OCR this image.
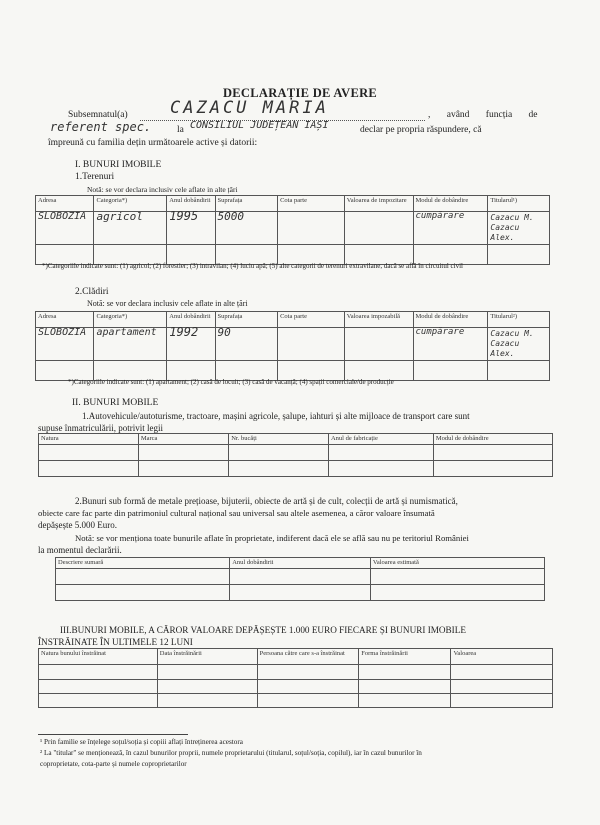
DECLARAȚIE DE AVERE
Subsemnatul(a) CAZACU MARIA	, având funcția de
referent spec.	la CONSILIUL JUDEȚEAN IAȘI	declar pe propria răspundere, că
împreună cu familia dețin următoarele active și datorii:
I. BUNURI IMOBILE
1.Terenuri
Notă: se vor declara inclusiv cele aflate in alte țări
Adresa	Categoria*)	Anul dobândirii	Suprafața	Cota parte	Valoarea de impozitare	Modul de dobândire	Titularul¹)
SLOBOZIA	agricol	1995	5000			cumpărare	Cazacu M.
Cazacu Alex.

*)Categoriile indicate sunt: (1) agricol; (2) forestier; (3) intravilan; (4) luciu apă; (5) alte categorii de terenuri extravilane, dacă se află în circuitul civil
2.Clădiri
Notă: se vor declara inclusiv cele aflate in alte țări
Adresa	Categoria*)	Anul dobândirii	Suprafața	Cota parte	Valoarea impozabilă	Modul de dobândire	Titularul²)
SLOBOZIA	apartament	1992	90			cumpărare	Cazacu M.
Cazacu Alex.

*)Categoriile indicate sunt: (1) apartament; (2) casă de locuit; (3) casă de vacanță; (4) spații comerciale/de producție
II. BUNURI MOBILE
1.Autovehicule/autoturisme, tractoare, mașini agricole, șalupe, iahturi și alte mijloace de transport care sunt
supuse înmatriculării, potrivit legii
Natura	Marca	Nr. bucăți	Anul de fabricație	Modul de dobândire

2.Bunuri sub formă de metale prețioase, bijuterii, obiecte de artă și de cult, colecții de artă și numismatică,
obiecte care fac parte din patrimoniul cultural național sau universal sau altele asemenea, a căror valoare însumată
depășește 5.000 Euro.
Notă: se vor menționa toate bunurile aflate în proprietate, indiferent dacă ele se află sau nu pe teritoriul României
la momentul declarării.
Descriere sumară	Anul dobândirii	Valoarea estimată

III.BUNURI MOBILE, A CĂROR VALOARE DEPĂȘEȘTE 1.000 EURO FIECARE ȘI BUNURI IMOBILE
ÎNSTRĂINATE ÎN ULTIMELE 12 LUNI
Natura bunului înstrăinat	Data înstrăinării	Persoana către care s-a înstrăinat	Forma înstrăinării	Valoarea

¹ Prin familie se înțelege soțul/soția și copiii aflați întreținerea acestora
² La "titular" se menționează, în cazul bunurilor proprii, numele proprietarului (titularul, soțul/soția, copilul), iar în cazul bunurilor în
coproprietate, cota-parte și numele coproprietarilor
